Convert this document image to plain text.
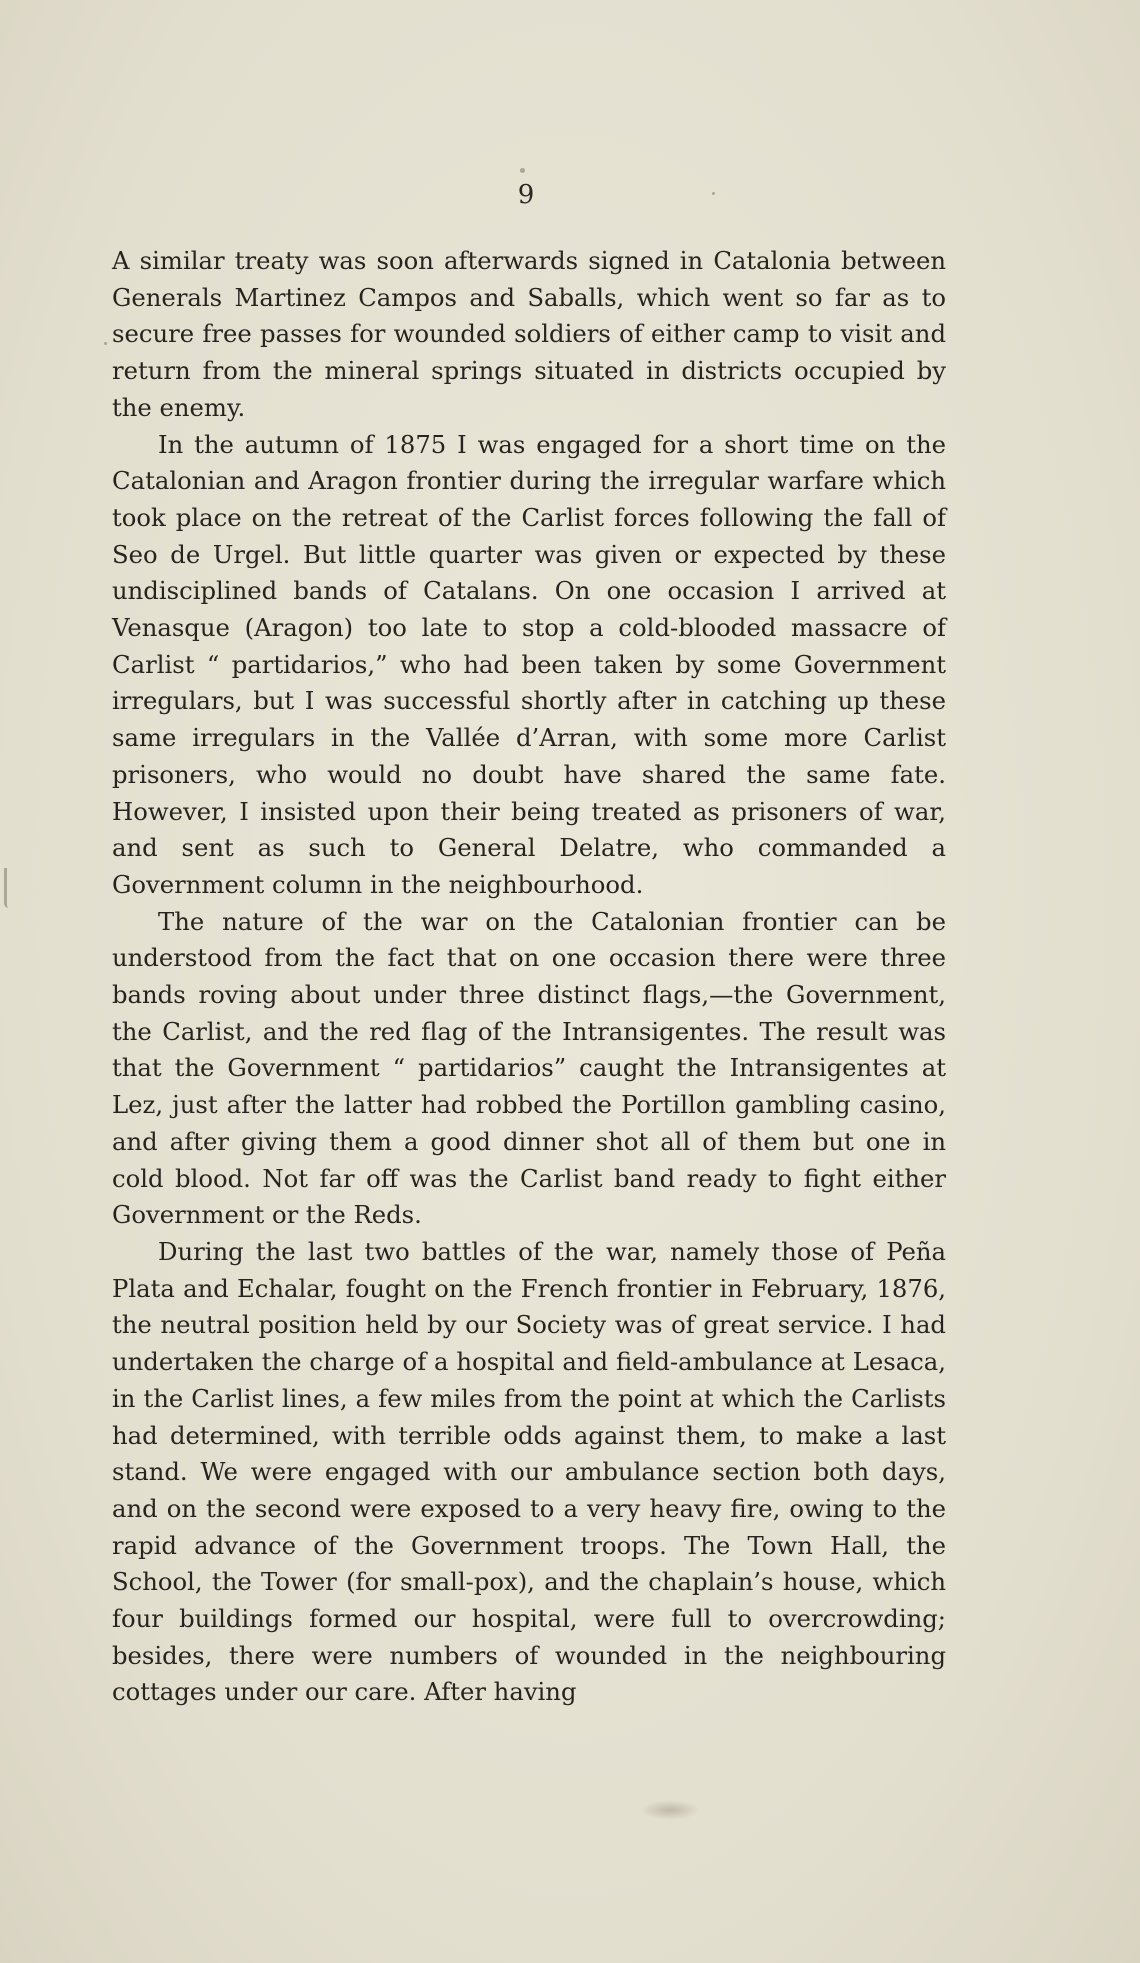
9

A similar treaty was soon afterwards signed in Catalonia between Generals Martinez Campos and Saballs, which went so far as to secure free passes for wounded soldiers of either camp to visit and return from the mineral springs situated in districts occupied by the enemy.

In the autumn of 1875 I was engaged for a short time on the Catalonian and Aragon frontier during the irregular warfare which took place on the retreat of the Carlist forces following the fall of Seo de Urgel. But little quarter was given or expected by these undisciplined bands of Catalans. On one occasion I arrived at Venasque (Aragon) too late to stop a cold-blooded massacre of Carlist “ partidarios,” who had been taken by some Government irregulars, but I was successful shortly after in catching up these same irregulars in the Vallée d’Arran, with some more Carlist prisoners, who would no doubt have shared the same fate. However, I insisted upon their being treated as prisoners of war, and sent as such to General Delatre, who commanded a Government column in the neighbourhood.

The nature of the war on the Catalonian frontier can be understood from the fact that on one occasion there were three bands roving about under three distinct flags,—the Government, the Carlist, and the red flag of the Intransigentes. The result was that the Government “ partidarios” caught the Intransigentes at Lez, just after the latter had robbed the Portillon gambling casino, and after giving them a good dinner shot all of them but one in cold blood. Not far off was the Carlist band ready to fight either Government or the Reds.

During the last two battles of the war, namely those of Peña Plata and Echalar, fought on the French frontier in February, 1876, the neutral position held by our Society was of great service. I had undertaken the charge of a hospital and field-ambulance at Lesaca, in the Carlist lines, a few miles from the point at which the Carlists had determined, with terrible odds against them, to make a last stand. We were engaged with our ambulance section both days, and on the second were exposed to a very heavy fire, owing to the rapid advance of the Government troops. The Town Hall, the School, the Tower (for small-pox), and the chaplain’s house, which four buildings formed our hospital, were full to overcrowding; besides, there were numbers of wounded in the neighbouring cottages under our care. After having
